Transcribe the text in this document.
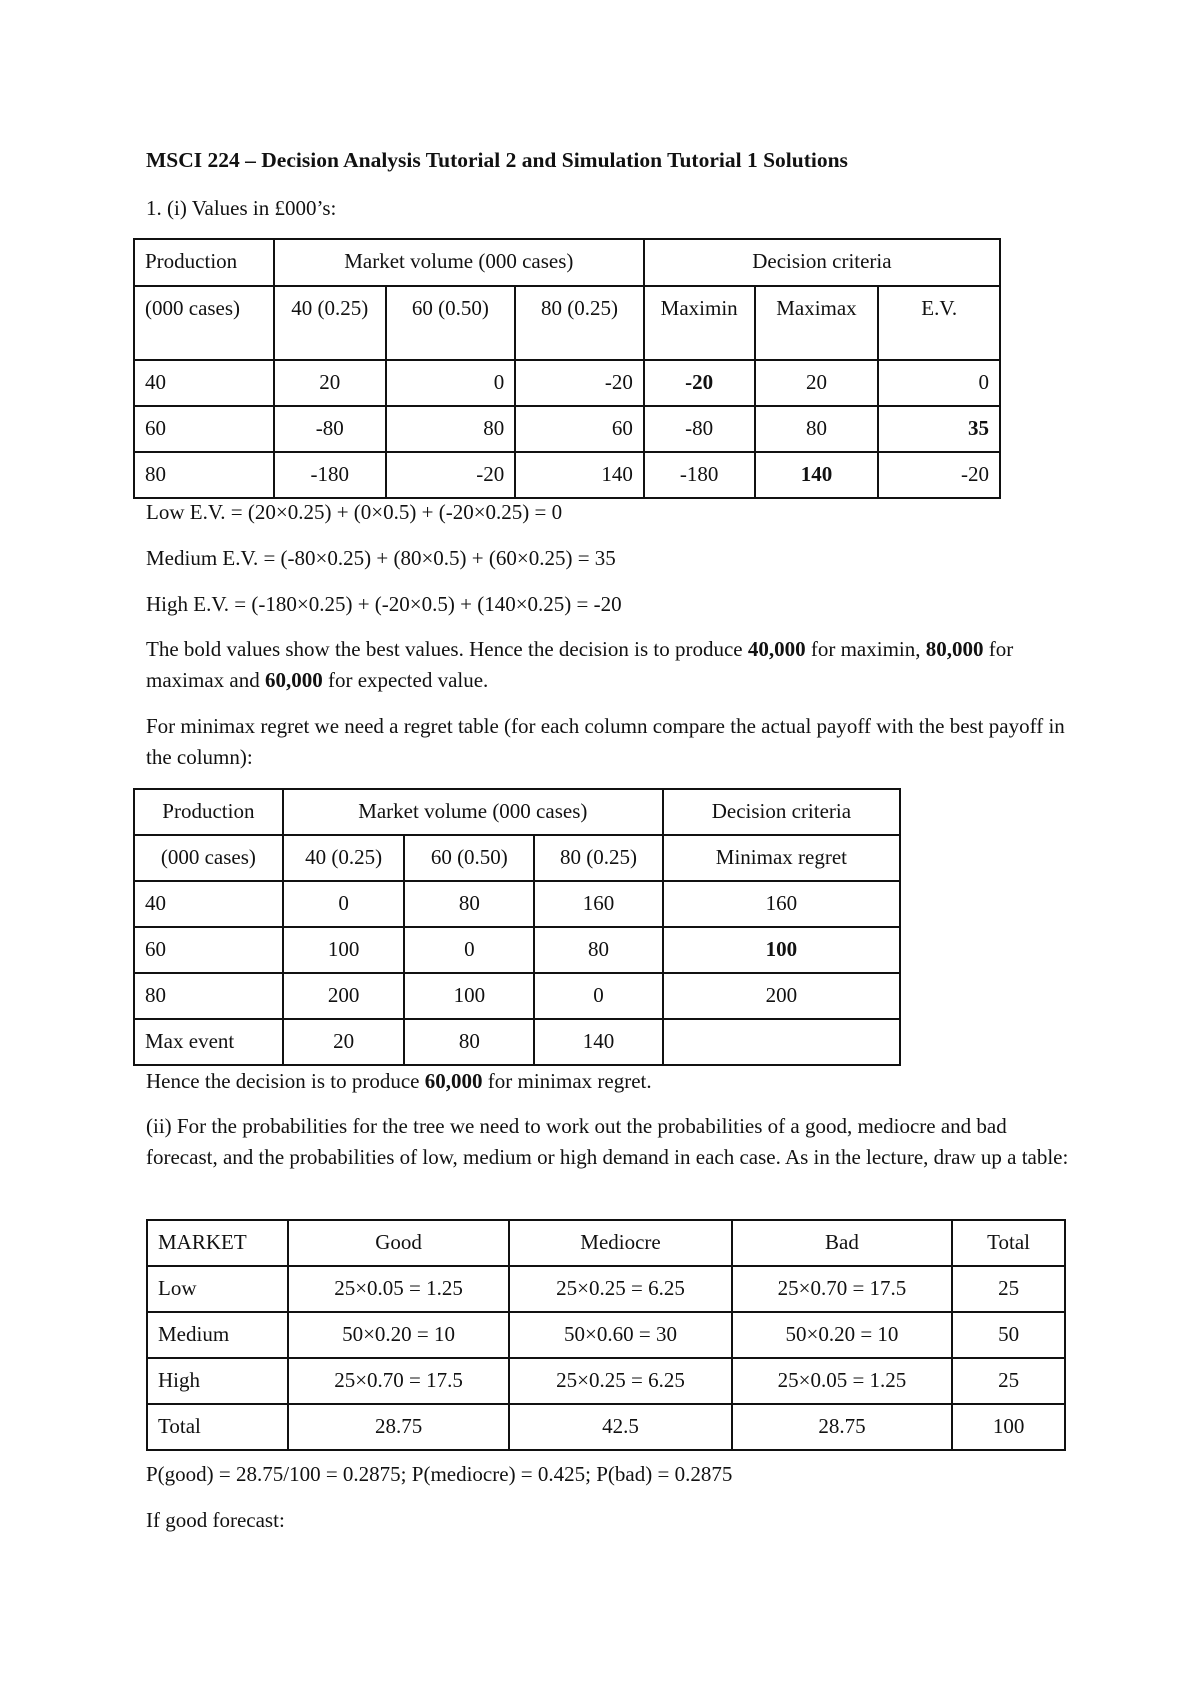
MSCI 224 – Decision Analysis Tutorial 2 and Simulation Tutorial 1 Solutions
1. (i) Values in £000’s:
Production	Market volume (000 cases)			Decision criteria		
(000 cases)	40 (0.25)	60 (0.50)	80 (0.25)	Maximin	Maximax	E.V.
40	20	0	-20	-20	20	0
60	-80	80	60	-80	80	35
80	-180	-20	140	-180	140	-20
Low E.V. = (20×0.25) + (0×0.5) + (-20×0.25) = 0
Medium E.V. = (-80×0.25) + (80×0.5) + (60×0.25) = 35
High E.V. = (-180×0.25) + (-20×0.5) + (140×0.25) = -20
The bold values show the best values. Hence the decision is to produce 40,000 for maximin, 80,000 for maximax and 60,000 for expected value.
For minimax regret we need a regret table (for each column compare the actual payoff with the best payoff in the column):
Production	Market volume (000 cases)			Decision criteria
(000 cases)	40 (0.25)	60 (0.50)	80 (0.25)	Minimax regret
40	0	80	160	160
60	100	0	80	100
80	200	100	0	200
Max event	20	80	140	
Hence the decision is to produce 60,000 for minimax regret.
(ii) For the probabilities for the tree we need to work out the probabilities of a good, mediocre and bad forecast, and the probabilities of low, medium or high demand in each case. As in the lecture, draw up a table:
MARKET	Good	Mediocre	Bad	Total
Low	25×0.05 = 1.25	25×0.25 = 6.25	25×0.70 = 17.5	25
Medium	50×0.20 = 10	50×0.60 = 30	50×0.20 = 10	50
High	25×0.70 = 17.5	25×0.25 = 6.25	25×0.05 = 1.25	25
Total	28.75	42.5	28.75	100
P(good) = 28.75/100 = 0.2875; P(mediocre) = 0.425; P(bad) = 0.2875
If good forecast:
